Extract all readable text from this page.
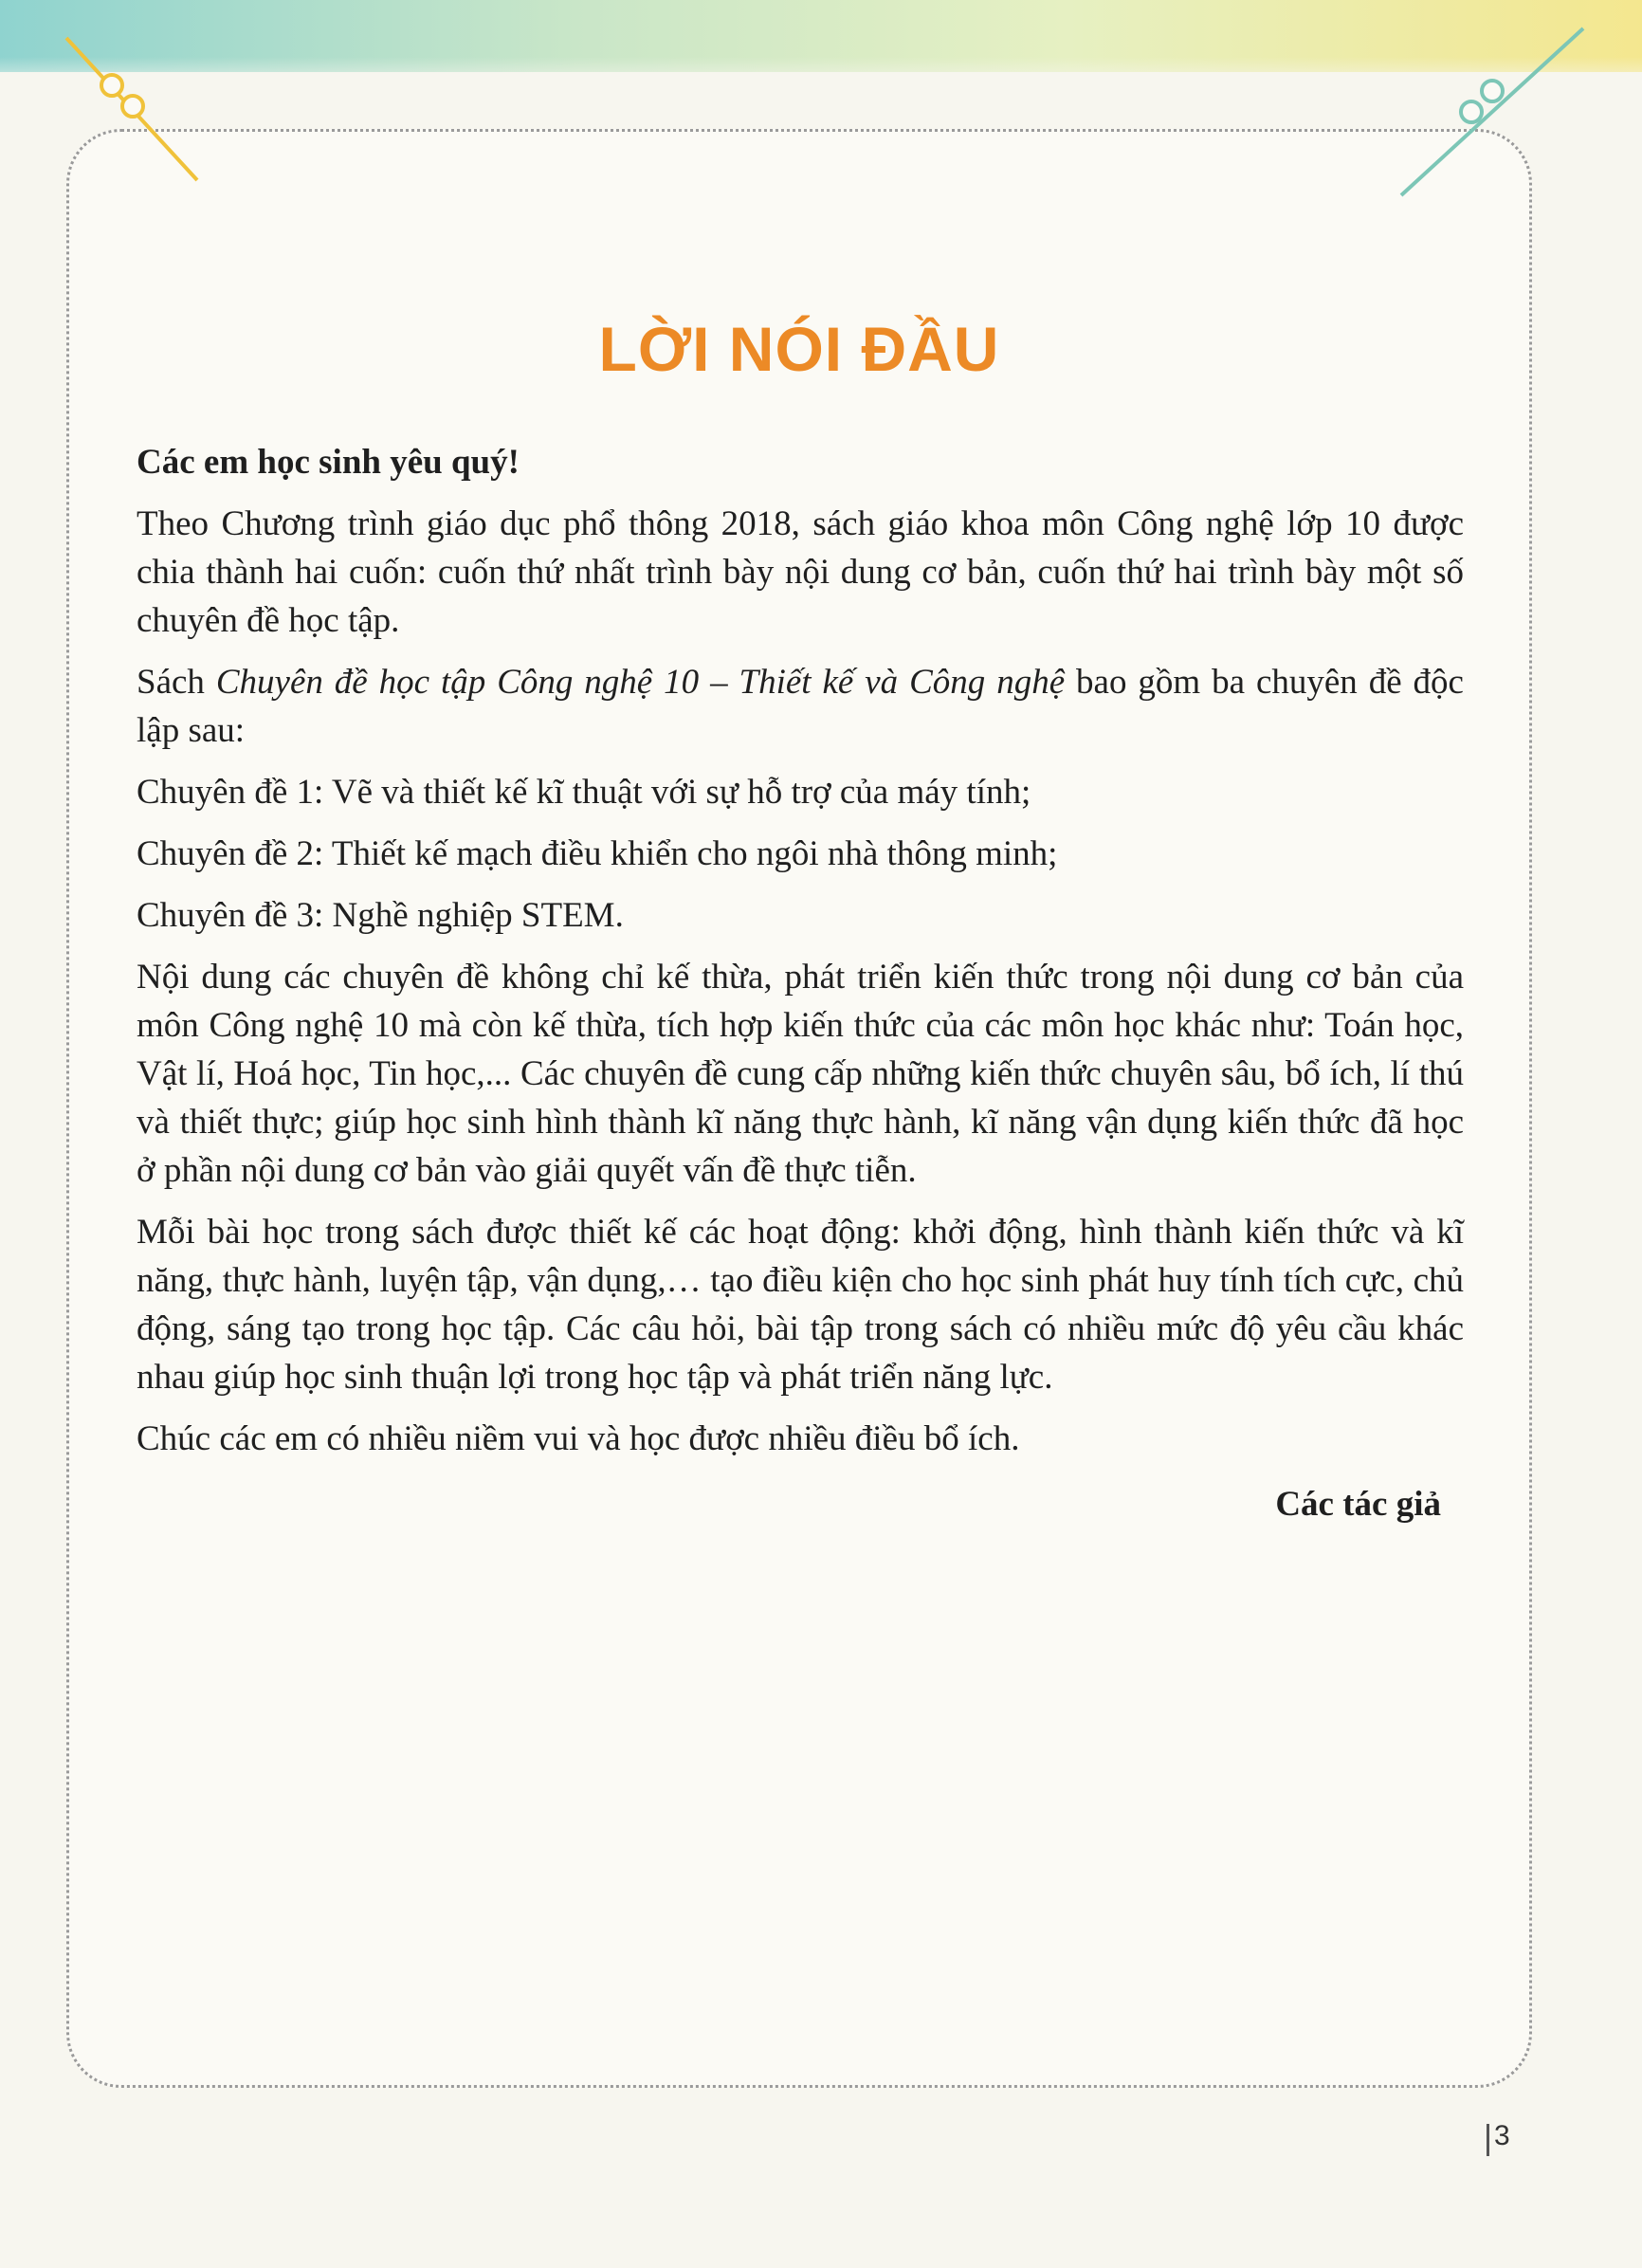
LỜI NÓI ĐẦU

Các em học sinh yêu quý!

Theo Chương trình giáo dục phổ thông 2018, sách giáo khoa môn Công nghệ lớp 10 được chia thành hai cuốn: cuốn thứ nhất trình bày nội dung cơ bản, cuốn thứ hai trình bày một số chuyên đề học tập.

Sách Chuyên đề học tập Công nghệ 10 – Thiết kế và Công nghệ bao gồm ba chuyên đề độc lập sau:

Chuyên đề 1: Vẽ và thiết kế kĩ thuật với sự hỗ trợ của máy tính;

Chuyên đề 2: Thiết kế mạch điều khiển cho ngôi nhà thông minh;

Chuyên đề 3: Nghề nghiệp STEM.

Nội dung các chuyên đề không chỉ kế thừa, phát triển kiến thức trong nội dung cơ bản của môn Công nghệ 10 mà còn kế thừa, tích hợp kiến thức của các môn học khác như: Toán học, Vật lí, Hoá học, Tin học,... Các chuyên đề cung cấp những kiến thức chuyên sâu, bổ ích, lí thú và thiết thực; giúp học sinh hình thành kĩ năng thực hành, kĩ năng vận dụng kiến thức đã học ở phần nội dung cơ bản vào giải quyết vấn đề thực tiễn.

Mỗi bài học trong sách được thiết kế các hoạt động: khởi động, hình thành kiến thức và kĩ năng, thực hành, luyện tập, vận dụng,… tạo điều kiện cho học sinh phát huy tính tích cực, chủ động, sáng tạo trong học tập. Các câu hỏi, bài tập trong sách có nhiều mức độ yêu cầu khác nhau giúp học sinh thuận lợi trong học tập và phát triển năng lực.

Chúc các em có nhiều niềm vui và học được nhiều điều bổ ích.

Các tác giả

3
